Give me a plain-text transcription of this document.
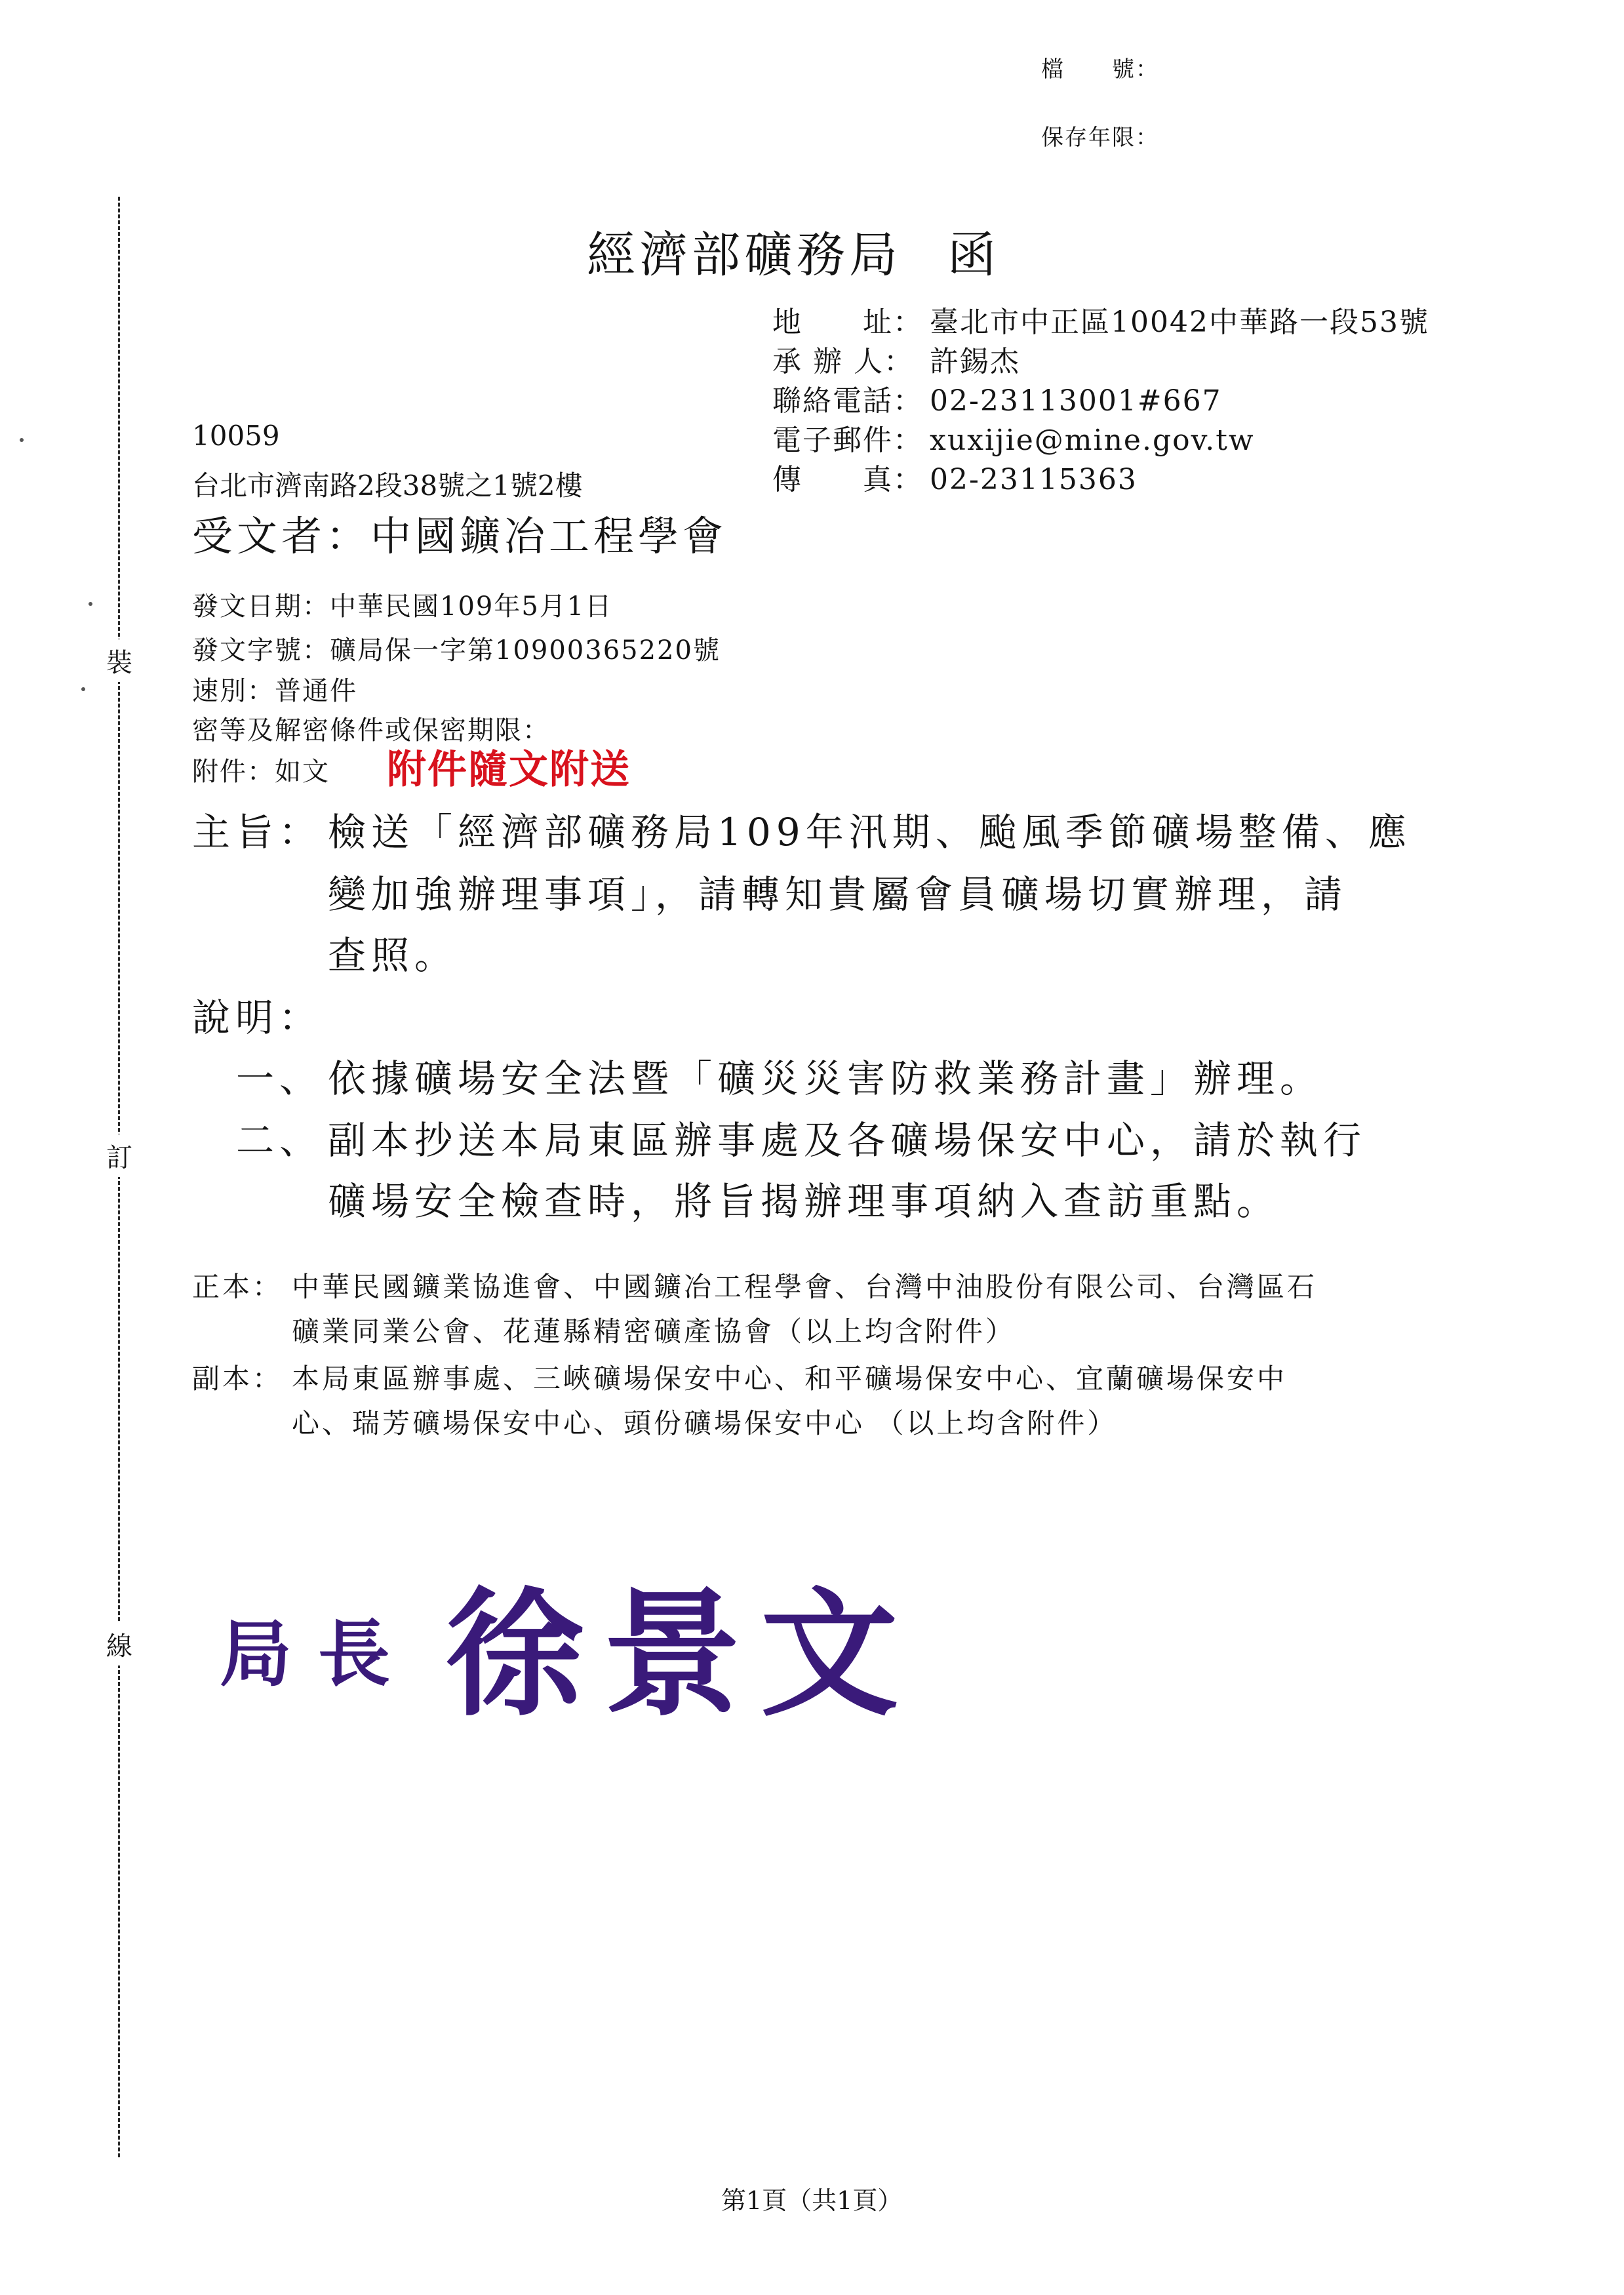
檔　　號：
保存年限：
裝
訂
線
經濟部礦務局 函
地　　址： 臺北市中正區10042中華路一段53號
承 辦 人： 許錫杰
聯絡電話： 02-23113001#667
電子郵件： xuxijie@mine.gov.tw
傳　　真： 02-23115363
10059
台北市濟南路2段38號之1號2樓
受文者：中國鑛冶工程學會
發文日期：中華民國109年5月1日
發文字號：礦局保一字第10900365220號
速別：普通件
密等及解密條件或保密期限：
附件：如文 附件隨文附送
主旨： 檢送「經濟部礦務局109年汛期、颱風季節礦場整備、應
變加強辦理事項」，請轉知貴屬會員礦場切實辦理，請
查照。
說明：
一、 依據礦場安全法暨「礦災災害防救業務計畫」辦理。
二、 副本抄送本局東區辦事處及各礦場保安中心，請於執行
礦場安全檢查時，將旨揭辦理事項納入查訪重點。
正本： 中華民國鑛業協進會、中國鑛冶工程學會、台灣中油股份有限公司、台灣區石
礦業同業公會、花蓮縣精密礦產協會（以上均含附件）
副本： 本局東區辦事處、三峽礦場保安中心、和平礦場保安中心、宜蘭礦場保安中
心、瑞芳礦場保安中心、頭份礦場保安中心 （以上均含附件）
局長 徐景文
第1頁（共1頁）
